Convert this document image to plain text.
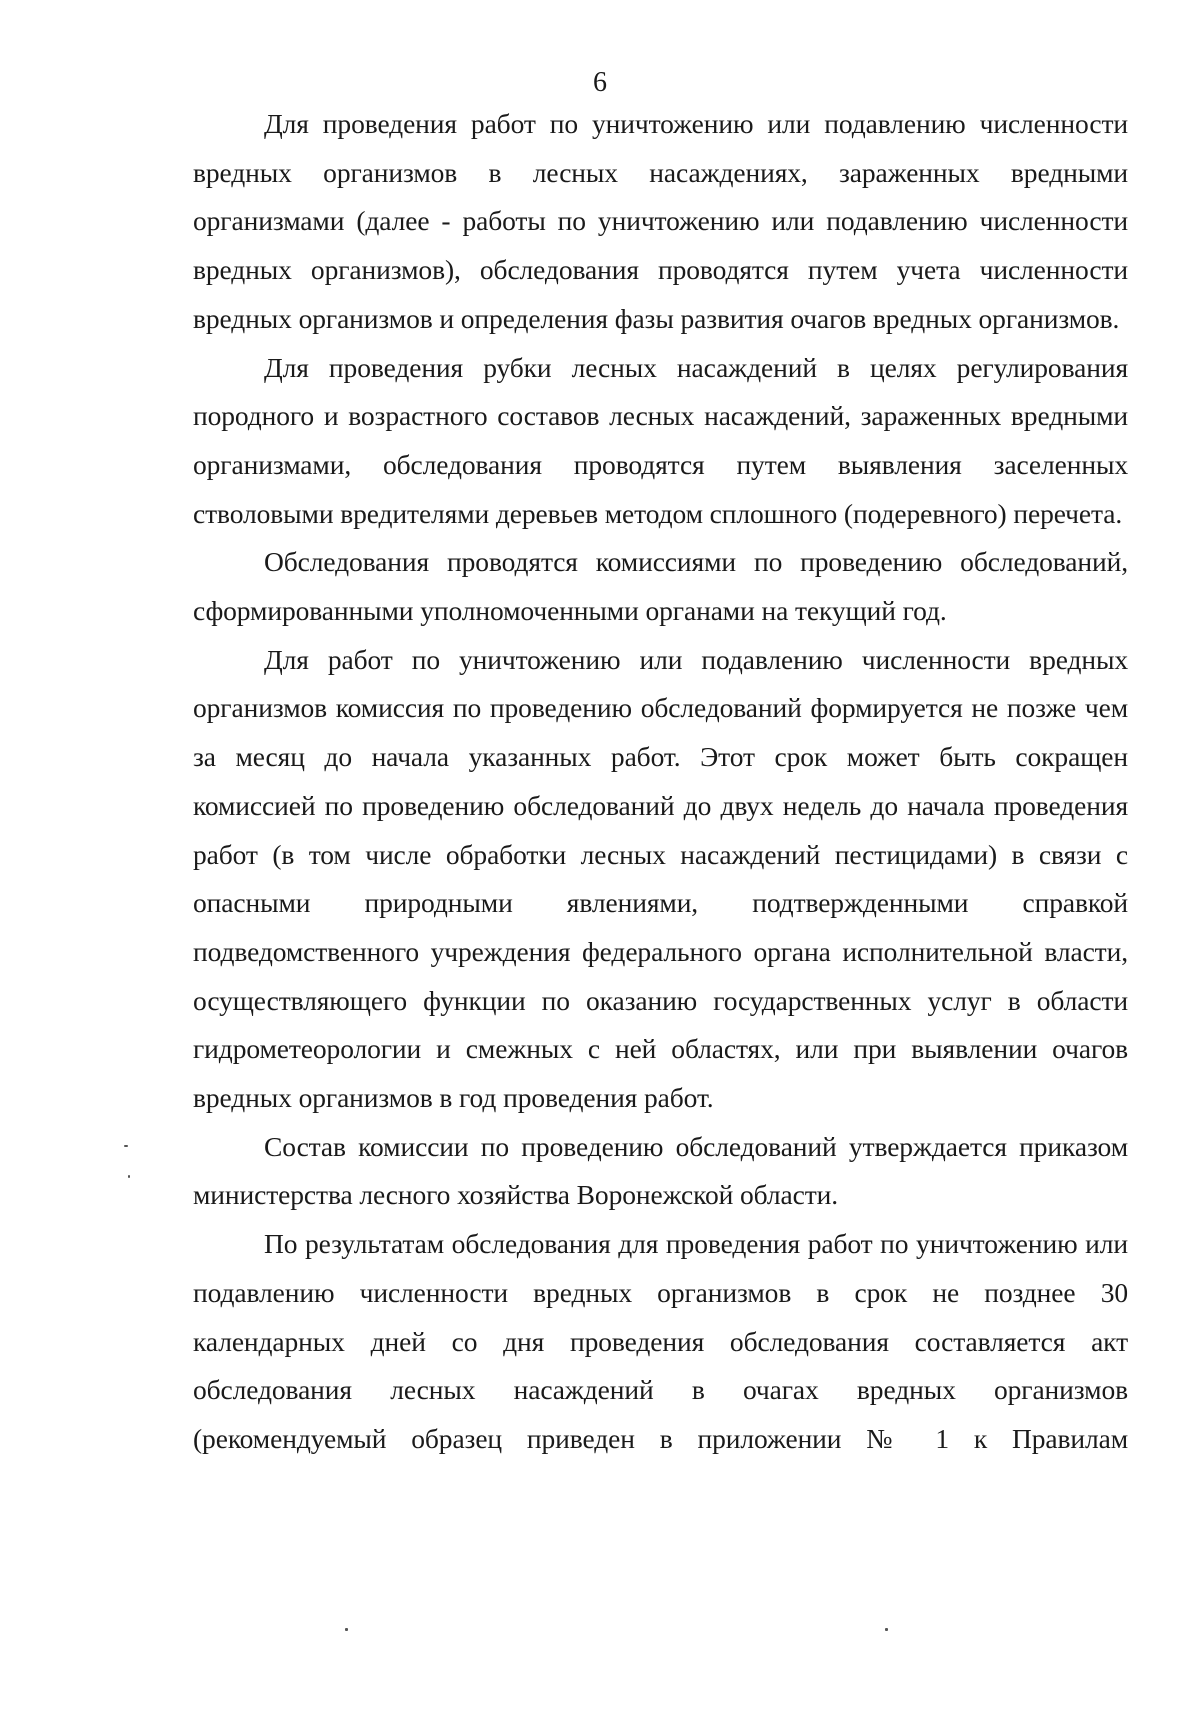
6

Для проведения работ по уничтожению или подавлению численности вредных организмов в лесных насаждениях, зараженных вредными организмами (далее - работы по уничтожению или подавлению численности вредных организмов), обследования проводятся путем учета численности вредных организмов и определения фазы развития очагов вредных организмов.

Для проведения рубки лесных насаждений в целях регулирования породного и возрастного составов лесных насаждений, зараженных вредными организмами, обследования проводятся путем выявления заселенных стволовыми вредителями деревьев методом сплошного (подеревного) перечета.

Обследования проводятся комиссиями по проведению обследований, сформированными уполномоченными органами на текущий год.

Для работ по уничтожению или подавлению численности вредных организмов комиссия по проведению обследований формируется не позже чем за месяц до начала указанных работ. Этот срок может быть сокращен комиссией по проведению обследований до двух недель до начала проведения работ (в том числе обработки лесных насаждений пестицидами) в связи с опасными природными явлениями, подтвержденными справкой подведомственного учреждения федерального органа исполнительной власти, осуществляющего функции по оказанию государственных услуг в области гидрометеорологии и смежных с ней областях, или при выявлении очагов вредных организмов в год проведения работ.

Состав комиссии по проведению обследований утверждается приказом министерства лесного хозяйства Воронежской области.

По результатам обследования для проведения работ по уничтожению или подавлению численности вредных организмов в срок не позднее 30 календарных дней со дня проведения обследования составляется акт обследования лесных насаждений в очагах вредных организмов (рекомендуемый образец приведен в приложении № 1 к Правилам
